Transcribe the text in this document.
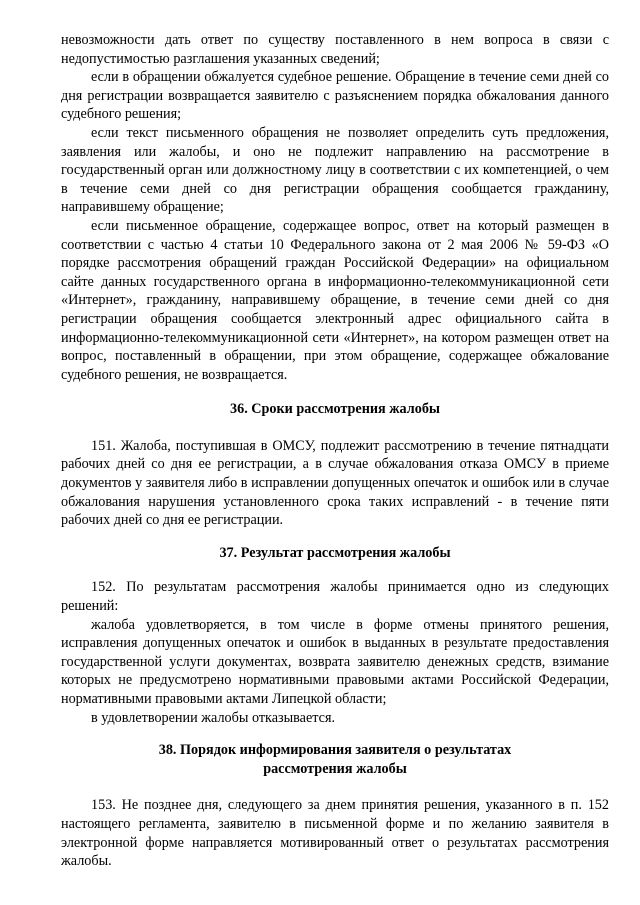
невозможности дать ответ по существу поставленного в нем вопроса в связи с недопустимостью разглашения указанных сведений;

если в обращении обжалуется судебное решение. Обращение в течение семи дней со дня регистрации возвращается заявителю с разъяснением порядка обжалования данного судебного решения;

если текст письменного обращения не позволяет определить суть предложения, заявления или жалобы, и оно не подлежит направлению на рассмотрение в государственный орган или должностному лицу в соответствии с их компетенцией, о чем в течение семи дней со дня регистрации обращения сообщается гражданину, направившему обращение;

если письменное обращение, содержащее вопрос, ответ на который размещен в соответствии с частью 4 статьи 10 Федерального закона от 2 мая 2006 № 59-ФЗ «О порядке рассмотрения обращений граждан Российской Федерации» на официальном сайте данных государственного органа в информационно-телекоммуникационной сети «Интернет», гражданину, направившему обращение, в течение семи дней со дня регистрации обращения сообщается электронный адрес официального сайта в информационно-телекоммуникационной сети «Интернет», на котором размещен ответ на вопрос, поставленный в обращении, при этом обращение, содержащее обжалование судебного решения, не возвращается.

36. Сроки рассмотрения жалобы

151. Жалоба, поступившая в ОМСУ, подлежит рассмотрению в течение пятнадцати рабочих дней со дня ее регистрации, а в случае обжалования отказа ОМСУ в приеме документов у заявителя либо в исправлении допущенных опечаток и ошибок или в случае обжалования нарушения установленного срока таких исправлений - в течение пяти рабочих дней со дня ее регистрации.

37. Результат рассмотрения жалобы

152. По результатам рассмотрения жалобы принимается одно из следующих решений:

жалоба удовлетворяется, в том числе в форме отмены принятого решения, исправления допущенных опечаток и ошибок в выданных в результате предоставления государственной услуги документах, возврата заявителю денежных средств, взимание которых не предусмотрено нормативными правовыми актами Российской Федерации, нормативными правовыми актами Липецкой области;

в удовлетворении жалобы отказывается.

38. Порядок информирования заявителя о результатах
рассмотрения жалобы

153. Не позднее дня, следующего за днем принятия решения, указанного в п. 152 настоящего регламента, заявителю в письменной форме и по желанию заявителя в электронной форме направляется мотивированный ответ о результатах рассмотрения жалобы.
